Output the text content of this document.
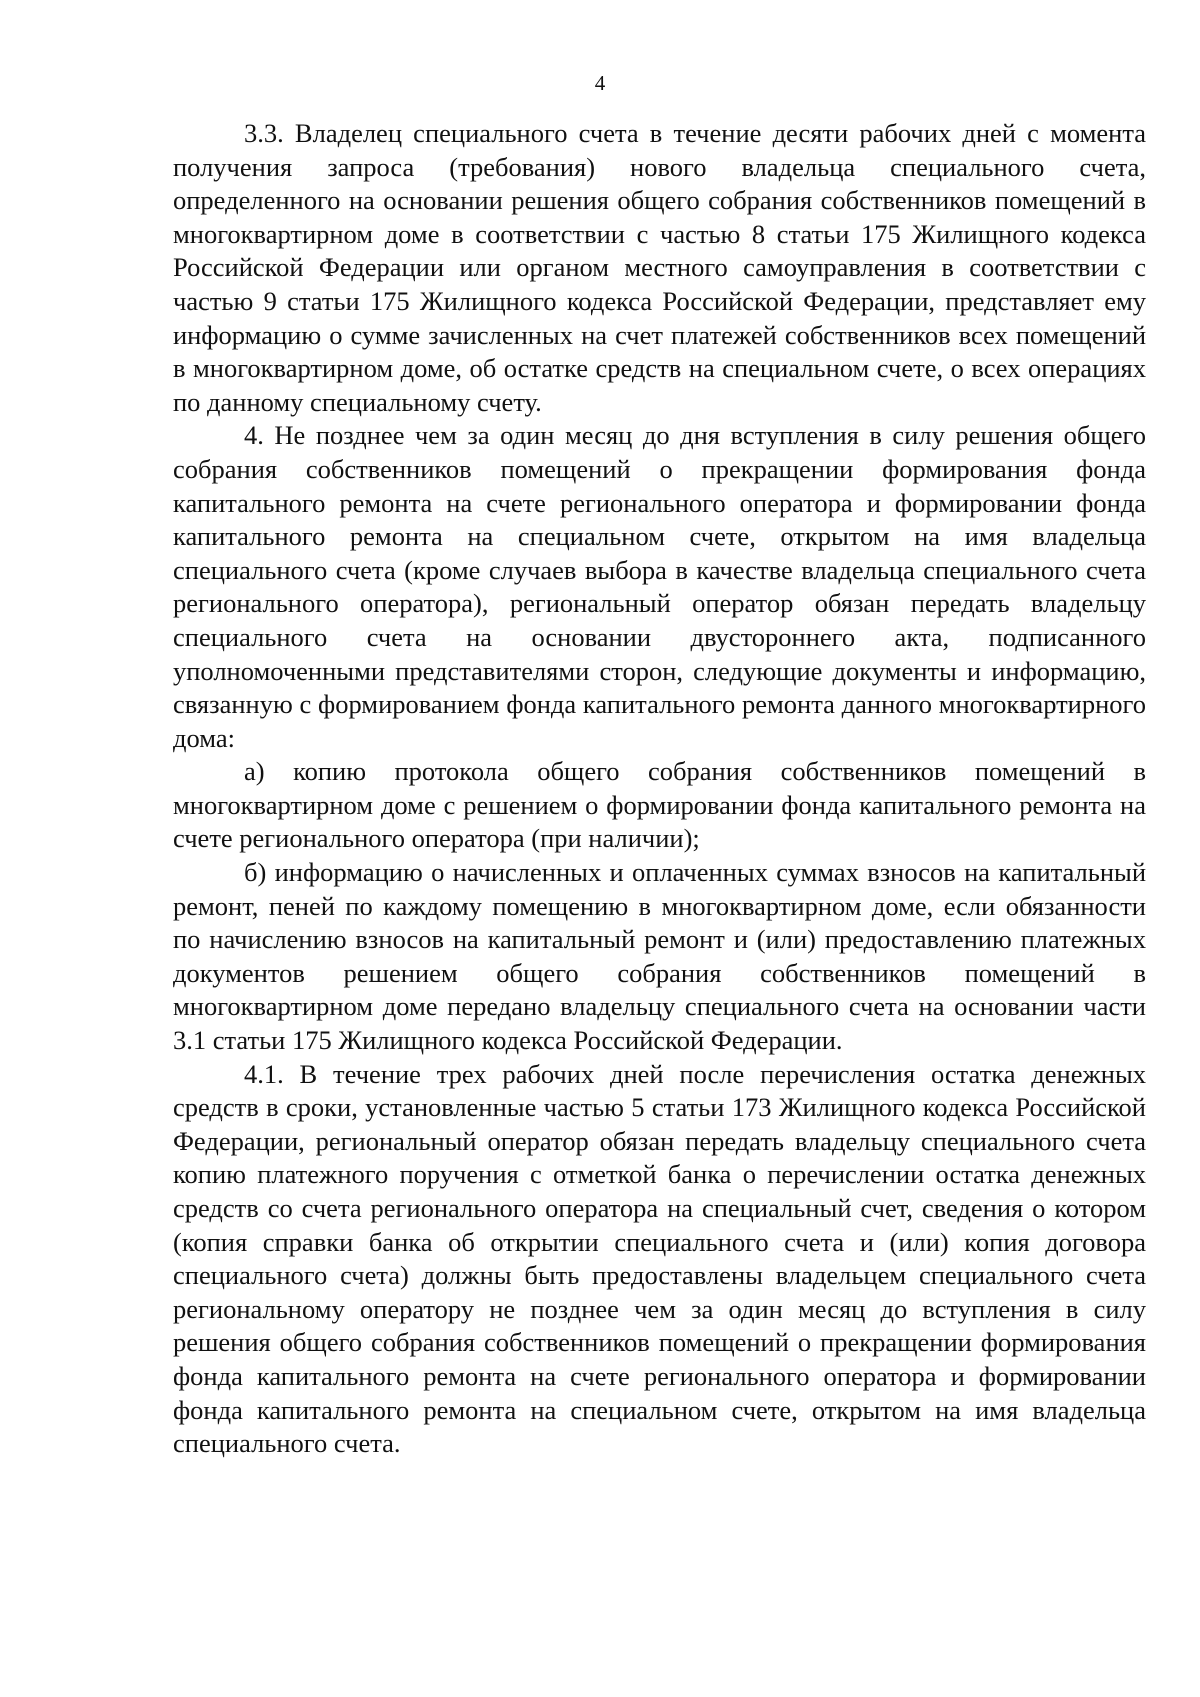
4

3.3. Владелец специального счета в течение десяти рабочих дней с момента получения запроса (требования) нового владельца специального счета, определенного на основании решения общего собрания собственников помещений в многоквартирном доме в соответствии с частью 8 статьи 175 Жилищного кодекса Российской Федерации или органом местного самоуправления в соответствии с частью 9 статьи 175 Жилищного кодекса Российской Федерации, представляет ему информацию о сумме зачисленных на счет платежей собственников всех помещений в многоквартирном доме, об остатке средств на специальном счете, о всех операциях по данному специальному счету.

4. Не позднее чем за один месяц до дня вступления в силу решения общего собрания собственников помещений о прекращении формирования фонда капитального ремонта на счете регионального оператора и формировании фонда капитального ремонта на специальном счете, открытом на имя владельца специального счета (кроме случаев выбора в качестве владельца специального счета регионального оператора), региональный оператор обязан передать владельцу специального счета на основании двустороннего акта, подписанного уполномоченными представителями сторон, следующие документы и информацию, связанную с формированием фонда капитального ремонта данного многоквартирного дома:

а) копию протокола общего собрания собственников помещений в многоквартирном доме с решением о формировании фонда капитального ремонта на счете регионального оператора (при наличии);

б) информацию о начисленных и оплаченных суммах взносов на капитальный ремонт, пеней по каждому помещению в многоквартирном доме, если обязанности по начислению взносов на капитальный ремонт и (или) предоставлению платежных документов решением общего собрания собственников помещений в многоквартирном доме передано владельцу специального счета на основании части 3.1 статьи 175 Жилищного кодекса Российской Федерации.

4.1. В течение трех рабочих дней после перечисления остатка денежных средств в сроки, установленные частью 5 статьи 173 Жилищного кодекса Российской Федерации, региональный оператор обязан передать владельцу специального счета копию платежного поручения с отметкой банка о перечислении остатка денежных средств со счета регионального оператора на специальный счет, сведения о котором (копия справки банка об открытии специального счета и (или) копия договора специального счета) должны быть предоставлены владельцем специального счета региональному оператору не позднее чем за один месяц до вступления в силу решения общего собрания собственников помещений о прекращении формирования фонда капитального ремонта на счете регионального оператора и формировании фонда капитального ремонта на специальном счете, открытом на имя владельца специального счета.
